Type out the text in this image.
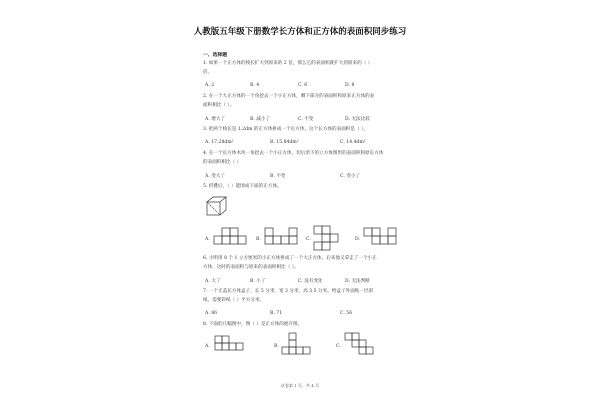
人教版五年级下册数学长方体和正方体的表面积同步练习
一、选择题
1. 如果一个正方体的棱长扩大到原来的 2 倍，那么它的表面积就扩大到原来的（ ）
倍。
A. 2	B. 4	C. 6	D. 8
2. 在一个大正方体的一个角挖去一个小正方体，剩下部分的表面积和原来正方体的表
面积相比（ ）。
A. 增大了	B. 减小了	C. 不变	D. 无法比较
3. 把两个棱长是 1.2dm 的正方体拼成一个长方体，这个长方体的表面积是（ ）。
A. 17.28dm²	B. 15.84dm²	C. 14.4dm²
4. 在一个长方体木块一角挖去一个小正方体，切后余下的立方体图形的表面积和原长方体
的表面积相比（ ）
A. 变大了	B. 不变	C. 变小了
5. 折叠后，（ ）能围成下面的正方体。
A.	B.	C.	D.
6. 小明用 8 个 1 立方厘米的小正方体拼成了一个大正方体，后来他又拿走了一个小正
方体，这时的表面积与原来的表面积相比（ ）。
A. 大了	B. 小了	C. 没有变化	D. 无法判断
7. 一个无盖长方体盒子，长 5 分米，宽 3 分米，高 3.5 分米。给盒子外面贴一层彩
纸，需要彩纸（ ）平方分米。
A. 86	B. 71	C. 56
8. 下面的几幅图中，图（ ）是正方体的展开图。
A.	B.	C.
试卷第 1 页，共 4 页
